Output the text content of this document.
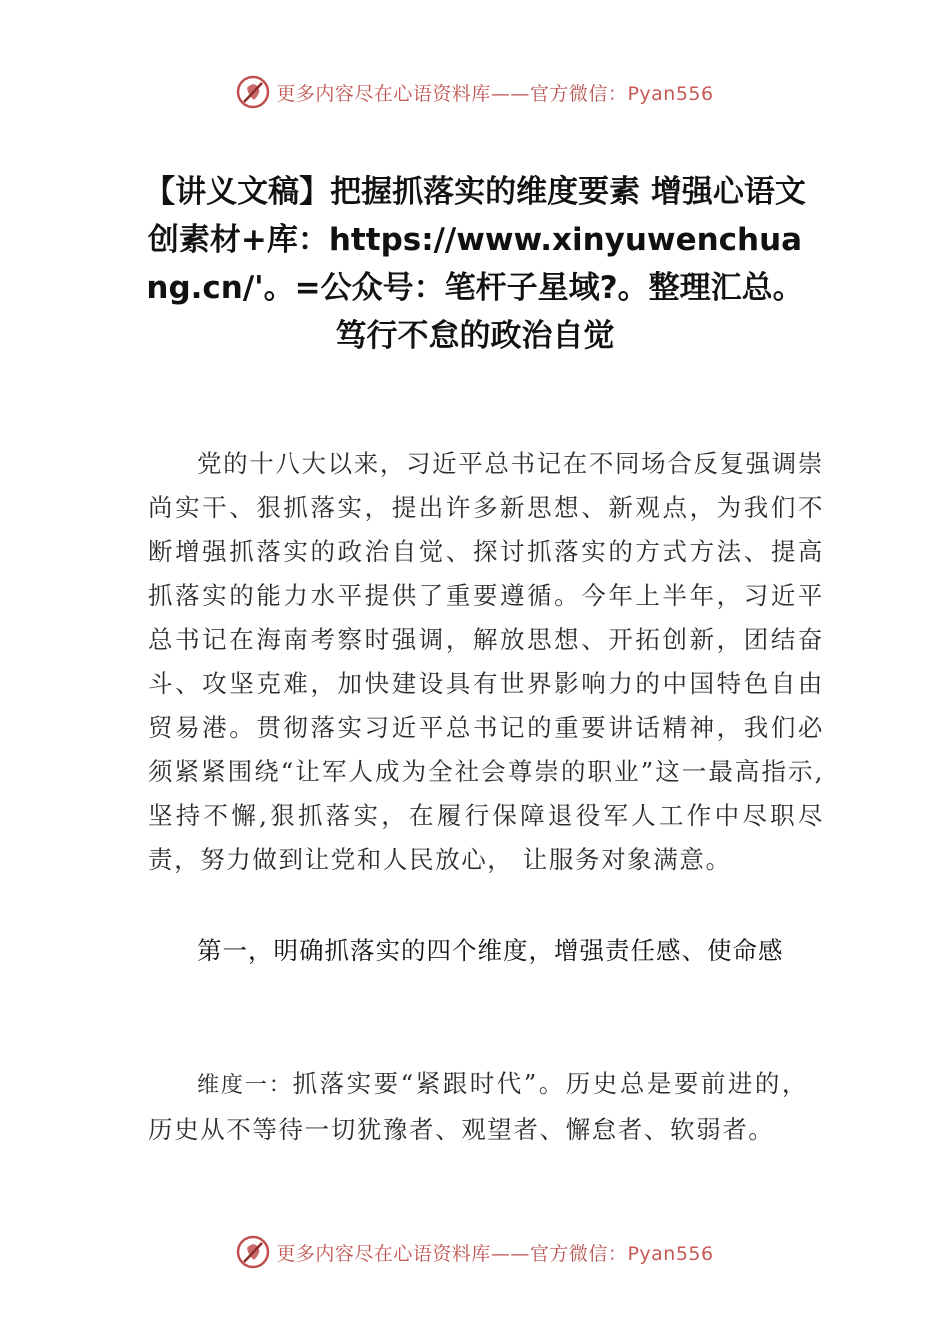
更多内容尽在心语资料库——官方微信：Pyan556
【讲义文稿】把握抓落实的维度要素 增强心语文创素材+库：https://www.xinyuwenchuang.cn/'。=公众号：笔杆子星域?。整理汇总。笃行不怠的政治自觉
党的十八大以来，习近平总书记在不同场合反复强调崇尚实干、狠抓落实，提出许多新思想、新观点，为我们不断增强抓落实的政治自觉、探讨抓落实的方式方法、提高抓落实的能力水平提供了重要遵循。今年上半年，习近平总书记在海南考察时强调，解放思想、开拓创新，团结奋斗、攻坚克难，加快建设具有世界影响力的中国特色自由贸易港。贯彻落实习近平总书记的重要讲话精神，我们必须紧紧围绕“让军人成为全社会尊崇的职业”这一最高指示,坚持不懈,狠抓落实，在履行保障退役军人工作中尽职尽责，努力做到让党和人民放心， 让服务对象满意。
第一，明确抓落实的四个维度，增强责任感、使命感
维度一：抓落实要“紧跟时代”。历史总是要前进的，历史从不等待一切犹豫者、观望者、懈怠者、软弱者。
更多内容尽在心语资料库——官方微信：Pyan556
